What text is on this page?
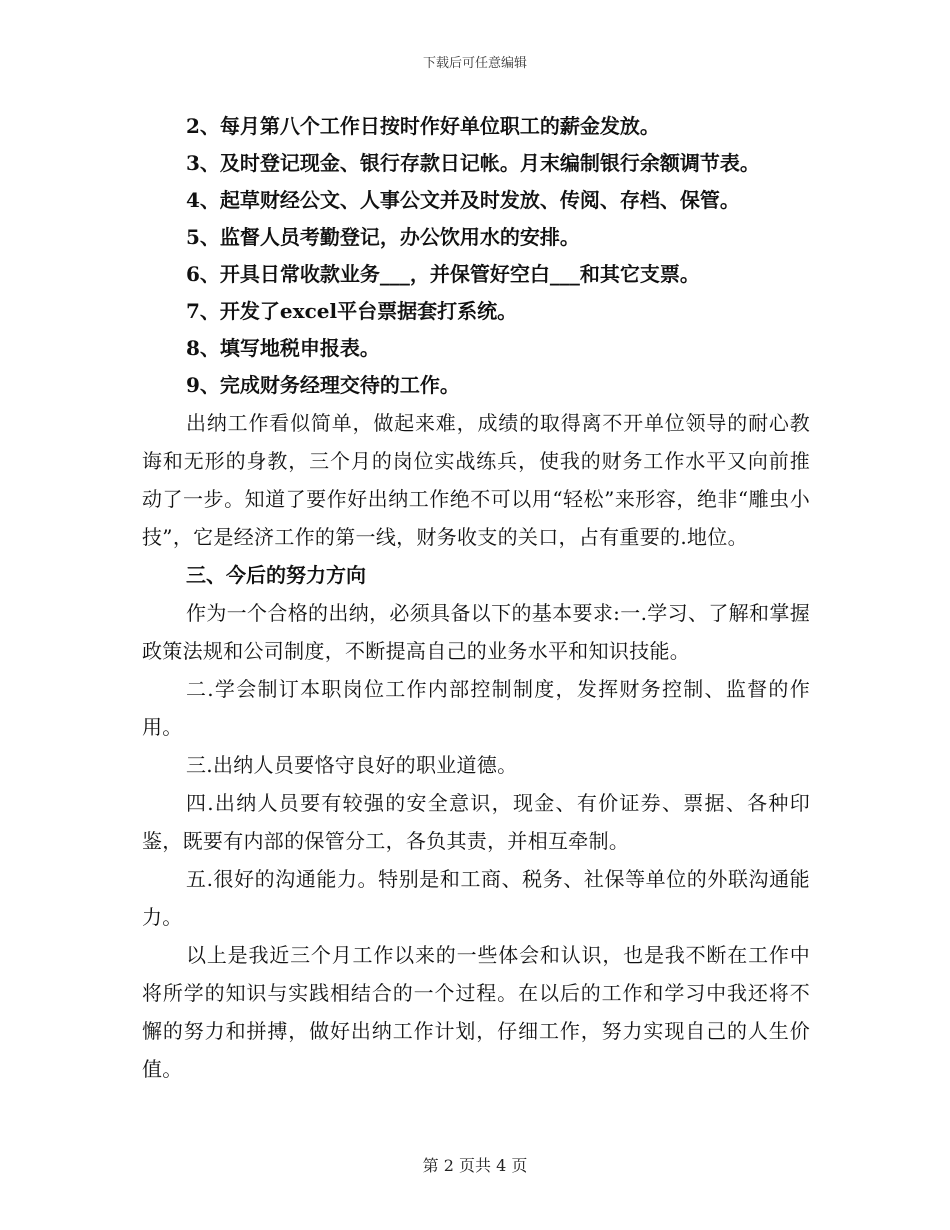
下载后可任意编辑
2、每月第八个工作日按时作好单位职工的薪金发放。
3、及时登记现金、银行存款日记帐。月末编制银行余额调节表。
4、起草财经公文、人事公文并及时发放、传阅、存档、保管。
5、监督人员考勤登记，办公饮用水的安排。
6、开具日常收款业务___，并保管好空白___和其它支票。
7、开发了excel平台票据套打系统。
8、填写地税申报表。
9、完成财务经理交待的工作。

出纳工作看似简单，做起来难，成绩的取得离不开单位领导的耐心教诲和无形的身教，三个月的岗位实战练兵，使我的财务工作水平又向前推动了一步。知道了要作好出纳工作绝不可以用“轻松”来形容，绝非“雕虫小技”，它是经济工作的第一线，财务收支的关口，占有重要的.地位。

三、今后的努力方向

作为一个合格的出纳，必须具备以下的基本要求:一.学习、了解和掌握政策法规和公司制度，不断提高自己的业务水平和知识技能。

二.学会制订本职岗位工作内部控制制度，发挥财务控制、监督的作用。

三.出纳人员要恪守良好的职业道德。

四.出纳人员要有较强的安全意识，现金、有价证券、票据、各种印鉴，既要有内部的保管分工，各负其责，并相互牵制。

五.很好的沟通能力。特别是和工商、税务、社保等单位的外联沟通能力。

以上是我近三个月工作以来的一些体会和认识，也是我不断在工作中将所学的知识与实践相结合的一个过程。在以后的工作和学习中我还将不懈的努力和拼搏，做好出纳工作计划，仔细工作，努力实现自己的人生价值。

第 2 页共 4 页
